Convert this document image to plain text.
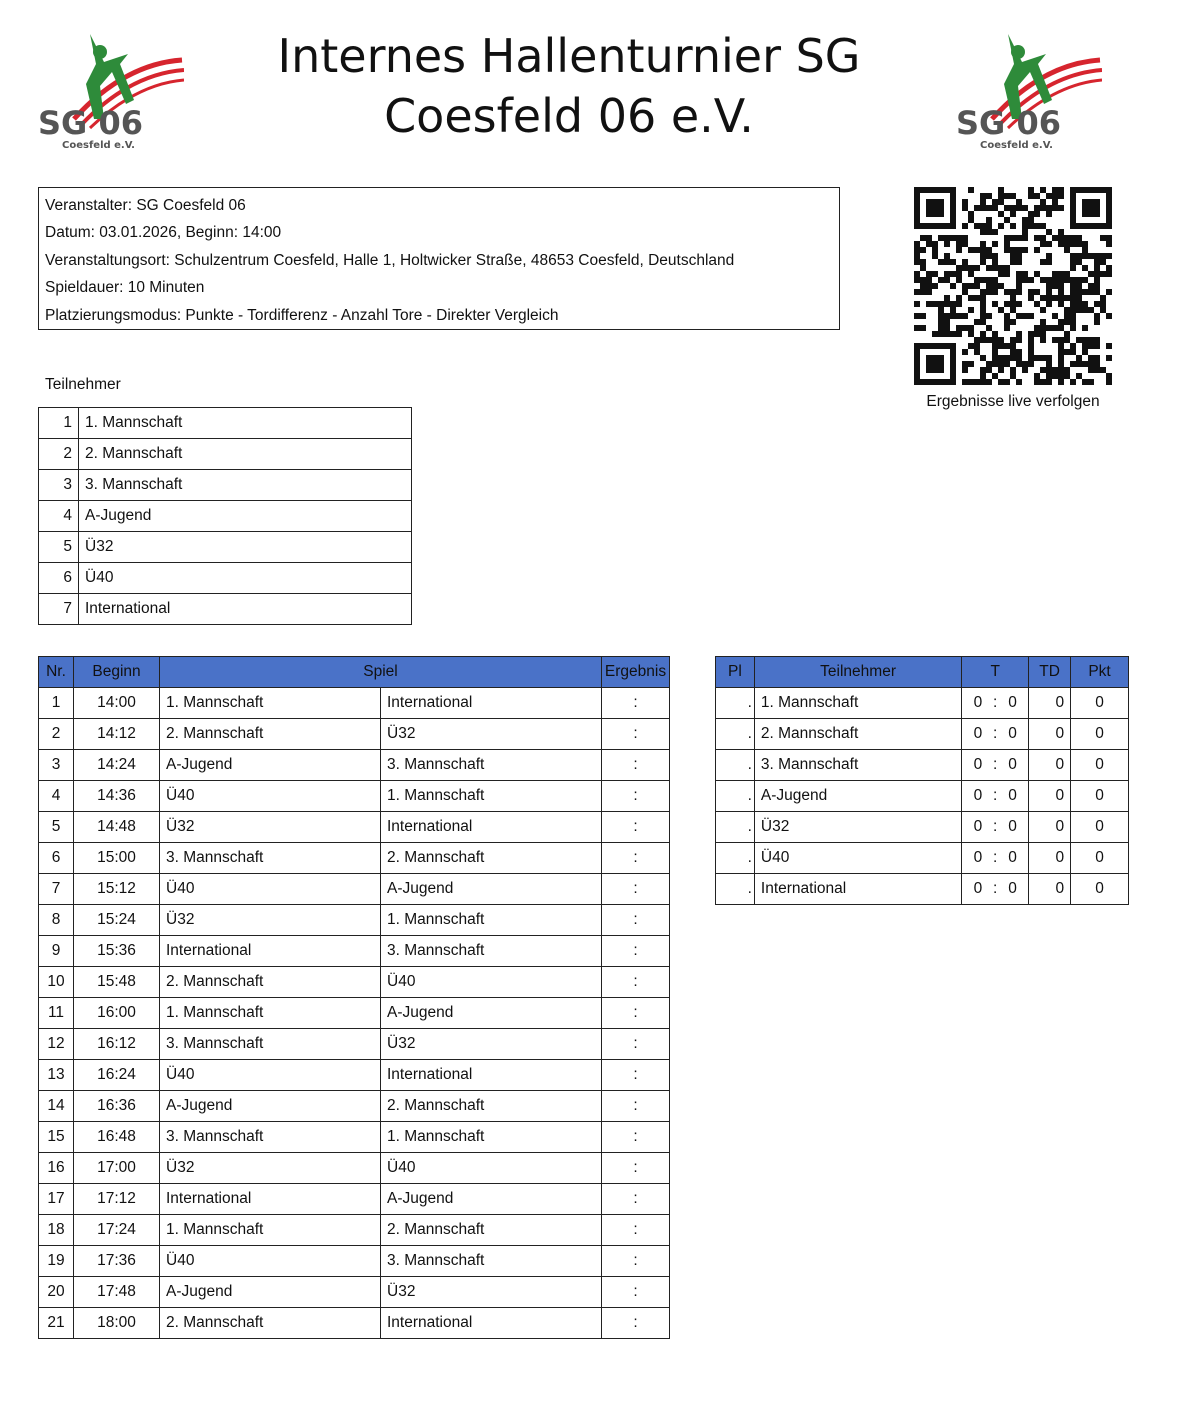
SG 06
Coesfeld e.V.
SG 06
Coesfeld e.V.
Internes Hallenturnier SG
Coesfeld 06 e.V.
Veranstalter: SG Coesfeld 06
Datum: 03.01.2026, Beginn: 14:00
Veranstaltungsort: Schulzentrum Coesfeld, Halle 1, Holtwicker Straße, 48653 Coesfeld, Deutschland
Spieldauer: 10 Minuten
Platzierungsmodus: Punkte - Tordifferenz - Anzahl Tore - Direkter Vergleich
Ergebnisse live verfolgen
Teilnehmer
1	1. Mannschaft
2	2. Mannschaft
3	3. Mannschaft
4	A-Jugend
5	Ü32
6	Ü40
7	International
Nr.	Beginn	Spiel		Ergebnis
1	14:00	1. Mannschaft	International	:
2	14:12	2. Mannschaft	Ü32	:
3	14:24	A-Jugend	3. Mannschaft	:
4	14:36	Ü40	1. Mannschaft	:
5	14:48	Ü32	International	:
6	15:00	3. Mannschaft	2. Mannschaft	:
7	15:12	Ü40	A-Jugend	:
8	15:24	Ü32	1. Mannschaft	:
9	15:36	International	3. Mannschaft	:
10	15:48	2. Mannschaft	Ü40	:
11	16:00	1. Mannschaft	A-Jugend	:
12	16:12	3. Mannschaft	Ü32	:
13	16:24	Ü40	International	:
14	16:36	A-Jugend	2. Mannschaft	:
15	16:48	3. Mannschaft	1. Mannschaft	:
16	17:00	Ü32	Ü40	:
17	17:12	International	A-Jugend	:
18	17:24	1. Mannschaft	2. Mannschaft	:
19	17:36	Ü40	3. Mannschaft	:
20	17:48	A-Jugend	Ü32	:
21	18:00	2. Mannschaft	International	:
Pl	Teilnehmer	T	TD	Pkt
.	1. Mannschaft	0 : 0	0	0
.	2. Mannschaft	0 : 0	0	0
.	3. Mannschaft	0 : 0	0	0
.	A-Jugend	0 : 0	0	0
.	Ü32	0 : 0	0	0
.	Ü40	0 : 0	0	0
.	International	0 : 0	0	0
